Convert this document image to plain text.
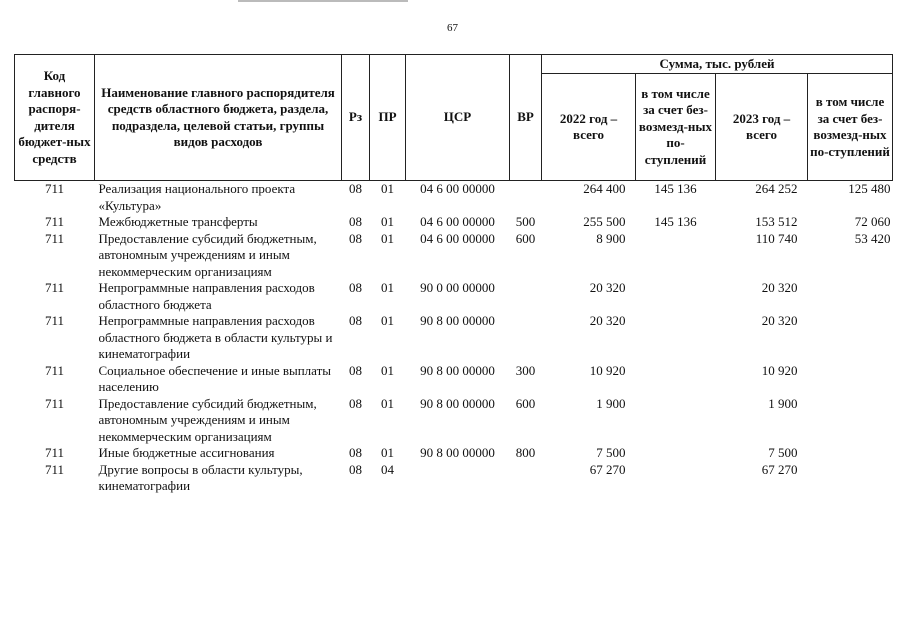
67
Код главного распоря-дителя бюджет-ных средств	Наименование главного распорядителя средств областного бюджета, раздела, подраздела, целевой статьи, группы видов расходов	Рз	ПР	ЦСР	ВР	Сумма, тыс. рублей			
						2022 год – всего	в том числе за счет без-возмезд-ных по-ступлений	2023 год – всего	в том числе за счет без-возмезд-ных по-ступлений
711	Реализация национального проекта «Культура»	08	01	04 6 00 00000		264 400	145 136	264 252	125 480
711	Межбюджетные трансферты	08	01	04 6 00 00000	500	255 500	145 136	153 512	72 060
711	Предоставление субсидий бюджетным, автономным учреждениям и иным некоммерческим организациям	08	01	04 6 00 00000	600	8 900		110 740	53 420
711	Непрограммные направления расходов областного бюджета	08	01	90 0 00 00000		20 320		20 320	
711	Непрограммные направления расходов областного бюджета в области культуры и кинематографии	08	01	90 8 00 00000		20 320		20 320	
711	Социальное обеспечение и иные выплаты населению	08	01	90 8 00 00000	300	10 920		10 920	
711	Предоставление субсидий бюджетным, автономным учреждениям и иным некоммерческим организациям	08	01	90 8 00 00000	600	1 900		1 900	
711	Иные бюджетные ассигнования	08	01	90 8 00 00000	800	7 500		7 500	
711	Другие вопросы в области культуры, кинематографии	08	04			67 270		67 270	
